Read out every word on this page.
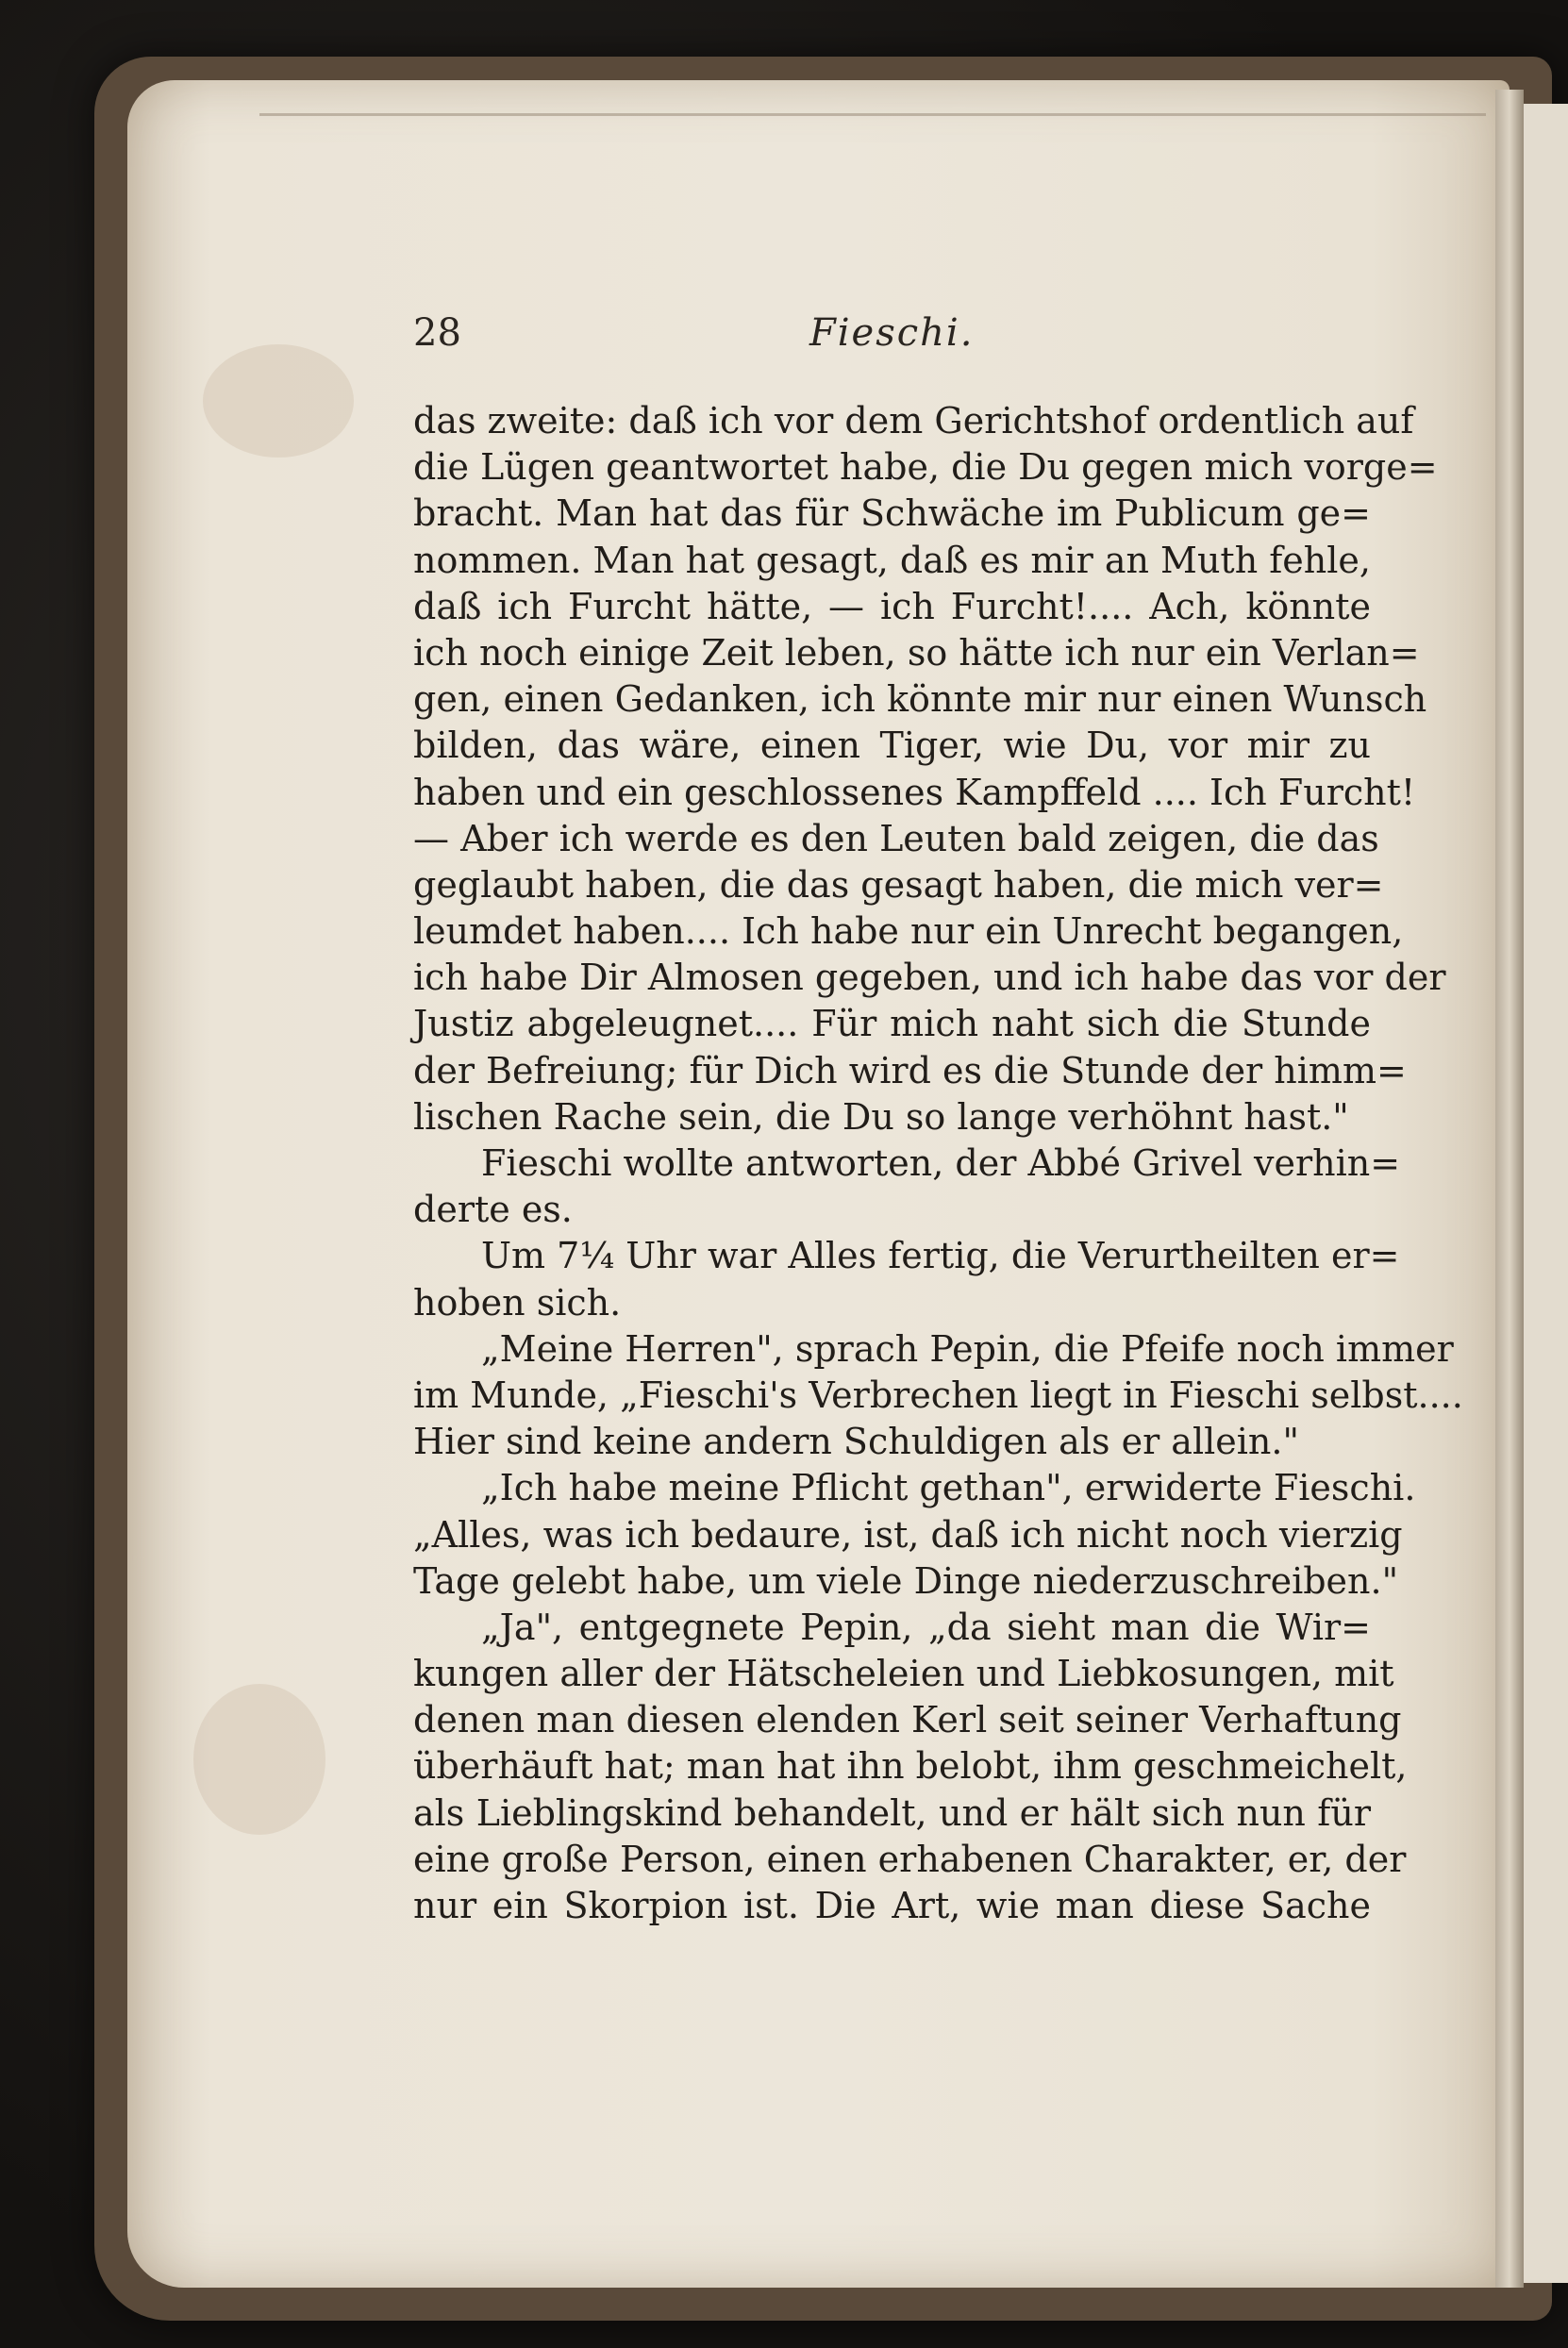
28	Fieschi.
das zweite: daß ich vor dem Gerichtshof ordentlich auf
die Lügen geantwortet habe, die Du gegen mich vorge=
bracht. Man hat das für Schwäche im Publicum ge=
nommen. Man hat gesagt, daß es mir an Muth fehle,
daß ich Furcht hätte, — ich Furcht!.... Ach, könnte
ich noch einige Zeit leben, so hätte ich nur ein Verlan=
gen, einen Gedanken, ich könnte mir nur einen Wunsch
bilden, das wäre, einen Tiger, wie Du, vor mir zu
haben und ein geschlossenes Kampffeld .... Ich Furcht!
— Aber ich werde es den Leuten bald zeigen, die das
geglaubt haben, die das gesagt haben, die mich ver=
leumdet haben.... Ich habe nur ein Unrecht begangen,
ich habe Dir Almosen gegeben, und ich habe das vor der
Justiz abgeleugnet.... Für mich naht sich die Stunde
der Befreiung; für Dich wird es die Stunde der himm=
lischen Rache sein, die Du so lange verhöhnt hast."
Fieschi wollte antworten, der Abbé Grivel verhin=
derte es.
Um 7¼ Uhr war Alles fertig, die Verurtheilten er=
hoben sich.
„Meine Herren", sprach Pepin, die Pfeife noch immer
im Munde, „Fieschi's Verbrechen liegt in Fieschi selbst....
Hier sind keine andern Schuldigen als er allein."
„Ich habe meine Pflicht gethan", erwiderte Fieschi.
„Alles, was ich bedaure, ist, daß ich nicht noch vierzig
Tage gelebt habe, um viele Dinge niederzuschreiben."
„Ja", entgegnete Pepin, „da sieht man die Wir=
kungen aller der Hätscheleien und Liebkosungen, mit
denen man diesen elenden Kerl seit seiner Verhaftung
überhäuft hat; man hat ihn belobt, ihm geschmeichelt,
als Lieblingskind behandelt, und er hält sich nun für
eine große Person, einen erhabenen Charakter, er, der
nur ein Skorpion ist. Die Art, wie man diese Sache
